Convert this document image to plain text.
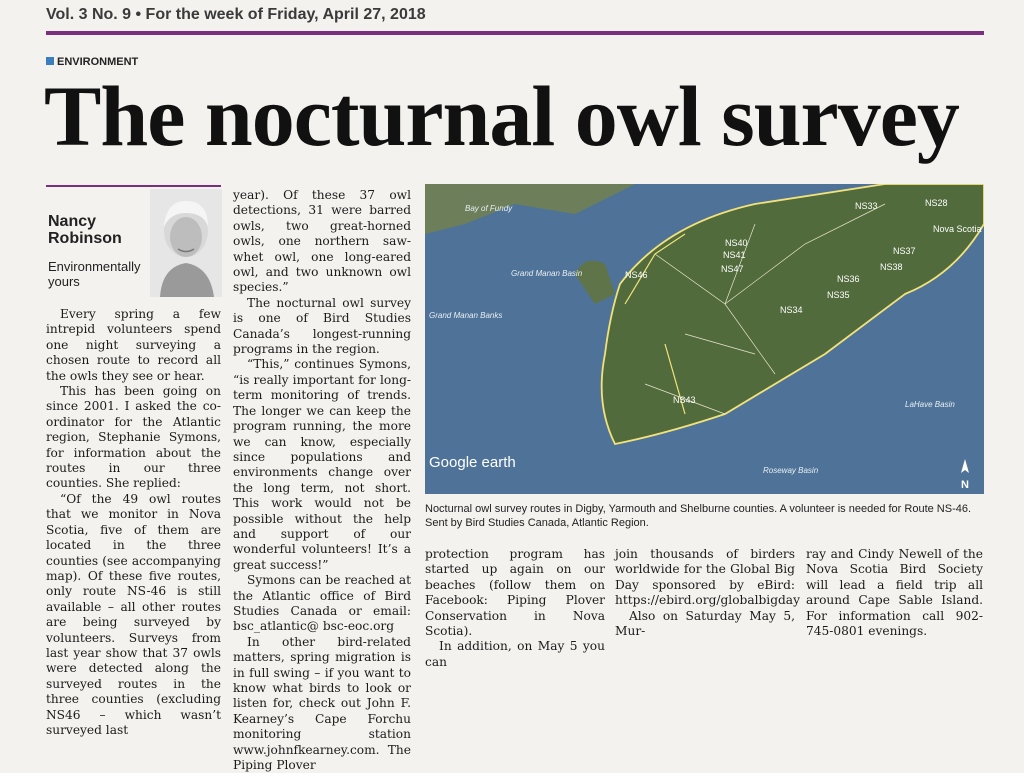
Vol. 3 No. 9 • For the week of Friday, April 27, 2018
ENVIRONMENT
The nocturnal owl survey
Nancy
Robinson
Environmentally yours

Every spring a few intrepid volunteers spend one night surveying a chosen route to record all the owls they see or hear.

This has been going on since 2001. I asked the co-ordinator for the Atlantic region, Stephanie Symons, for information about the routes in our three counties. She replied:

“Of the 49 owl routes that we monitor in Nova Scotia, five of them are located in the three counties (see accompanying map). Of these five routes, only route NS-46 is still available – all other routes are being surveyed by volunteers. Surveys from last year show that 37 owls were detected along the surveyed routes in the three counties (excluding NS46 – which wasn’t surveyed last

year). Of these 37 owl detections, 31 were barred owls, two great-horned owls, one northern saw-whet owl, one long-eared owl, and two unknown owl species.”

The nocturnal owl survey is one of Bird Studies Canada’s longest-running programs in the region.

“This,” continues Symons, “is really important for long-term monitoring of trends. The longer we can keep the program running, the more we can know, especially since populations and environments change over the long term, not short. This work would not be possible without the help and support of our wonderful volunteers! It’s a great success!”

Symons can be reached at the Atlantic office of Bird Studies Canada or email: bsc_atlantic@ bsc-eoc.org

In other bird-related matters, spring migration is in full swing – if you want to know what birds to look or listen for, check out John F. Kearney’s Cape Forchu monitoring station www.johnfkearney.com. The Piping Plover

Bay of Fundy
Nova Scotia
Grand Manan Basin
Grand Manan Banks
LaHave Basin
Roseway Basin
NS33	NS28
NS35
NS38
NS41
NS43
NS46
NS47
NS34
NS36
NS40
NS37
Google earth
N
Nocturnal owl survey routes in Digby, Yarmouth and Shelburne counties. A volunteer is needed for Route NS-46. Sent by Bird Studies Canada, Atlantic Region.

protection program has started up again on our beaches (follow them on Facebook: Piping Plover Conservation in Nova Scotia).

In addition, on May 5 you can

join thousands of birders worldwide for the Global Big Day sponsored by eBird: https://ebird.org/globalbigday

Also on Saturday May 5, Mur-

ray and Cindy Newell of the Nova Scotia Bird Society will lead a field trip all around Cape Sable Island. For information call 902-745-0801 evenings.
